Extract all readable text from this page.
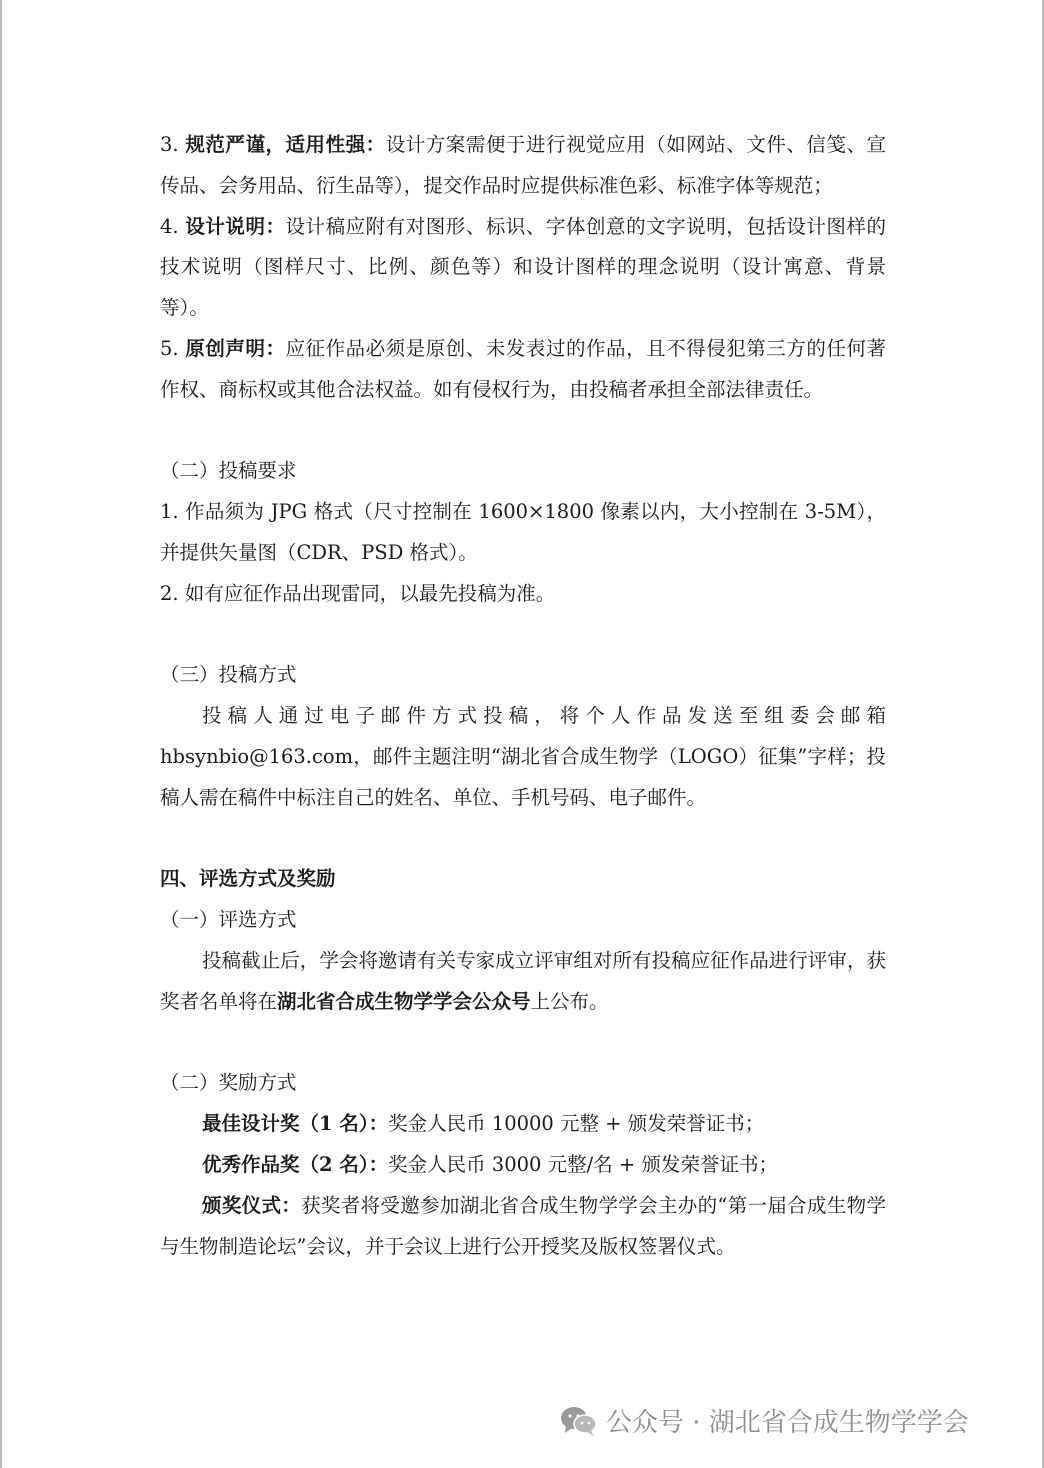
3. 规范严谨，适用性强：设计方案需便于进行视觉应用（如网站、文件、信笺、宣传品、会务用品、衍生品等），提交作品时应提供标准色彩、标准字体等规范；

4. 设计说明：设计稿应附有对图形、标识、字体创意的文字说明，包括设计图样的技术说明（图样尺寸、比例、颜色等）和设计图样的理念说明（设计寓意、背景等）。

5. 原创声明：应征作品必须是原创、未发表过的作品，且不得侵犯第三方的任何著作权、商标权或其他合法权益。如有侵权行为，由投稿者承担全部法律责任。

（二）投稿要求

1. 作品须为 JPG 格式（尺寸控制在 1600×1800 像素以内，大小控制在 3-5M），并提供矢量图（CDR、PSD 格式）。

2. 如有应征作品出现雷同，以最先投稿为准。

（三）投稿方式

投稿人通过电子邮件方式投稿，将个人作品发送至组委会邮箱 hbsynbio@163.com，邮件主题注明“湖北省合成生物学（LOGO）征集”字样；投稿人需在稿件中标注自己的姓名、单位、手机号码、电子邮件。

四、评选方式及奖励

（一）评选方式

投稿截止后，学会将邀请有关专家成立评审组对所有投稿应征作品进行评审，获奖者名单将在湖北省合成生物学学会公众号上公布。

（二）奖励方式

最佳设计奖（1 名）：奖金人民币 10000 元整 + 颁发荣誉证书；

优秀作品奖（2 名）：奖金人民币 3000 元整/名 + 颁发荣誉证书；

颁奖仪式：获奖者将受邀参加湖北省合成生物学学会主办的“第一届合成生物学与生物制造论坛”会议，并于会议上进行公开授奖及版权签署仪式。

公众号 · 湖北省合成生物学学会
